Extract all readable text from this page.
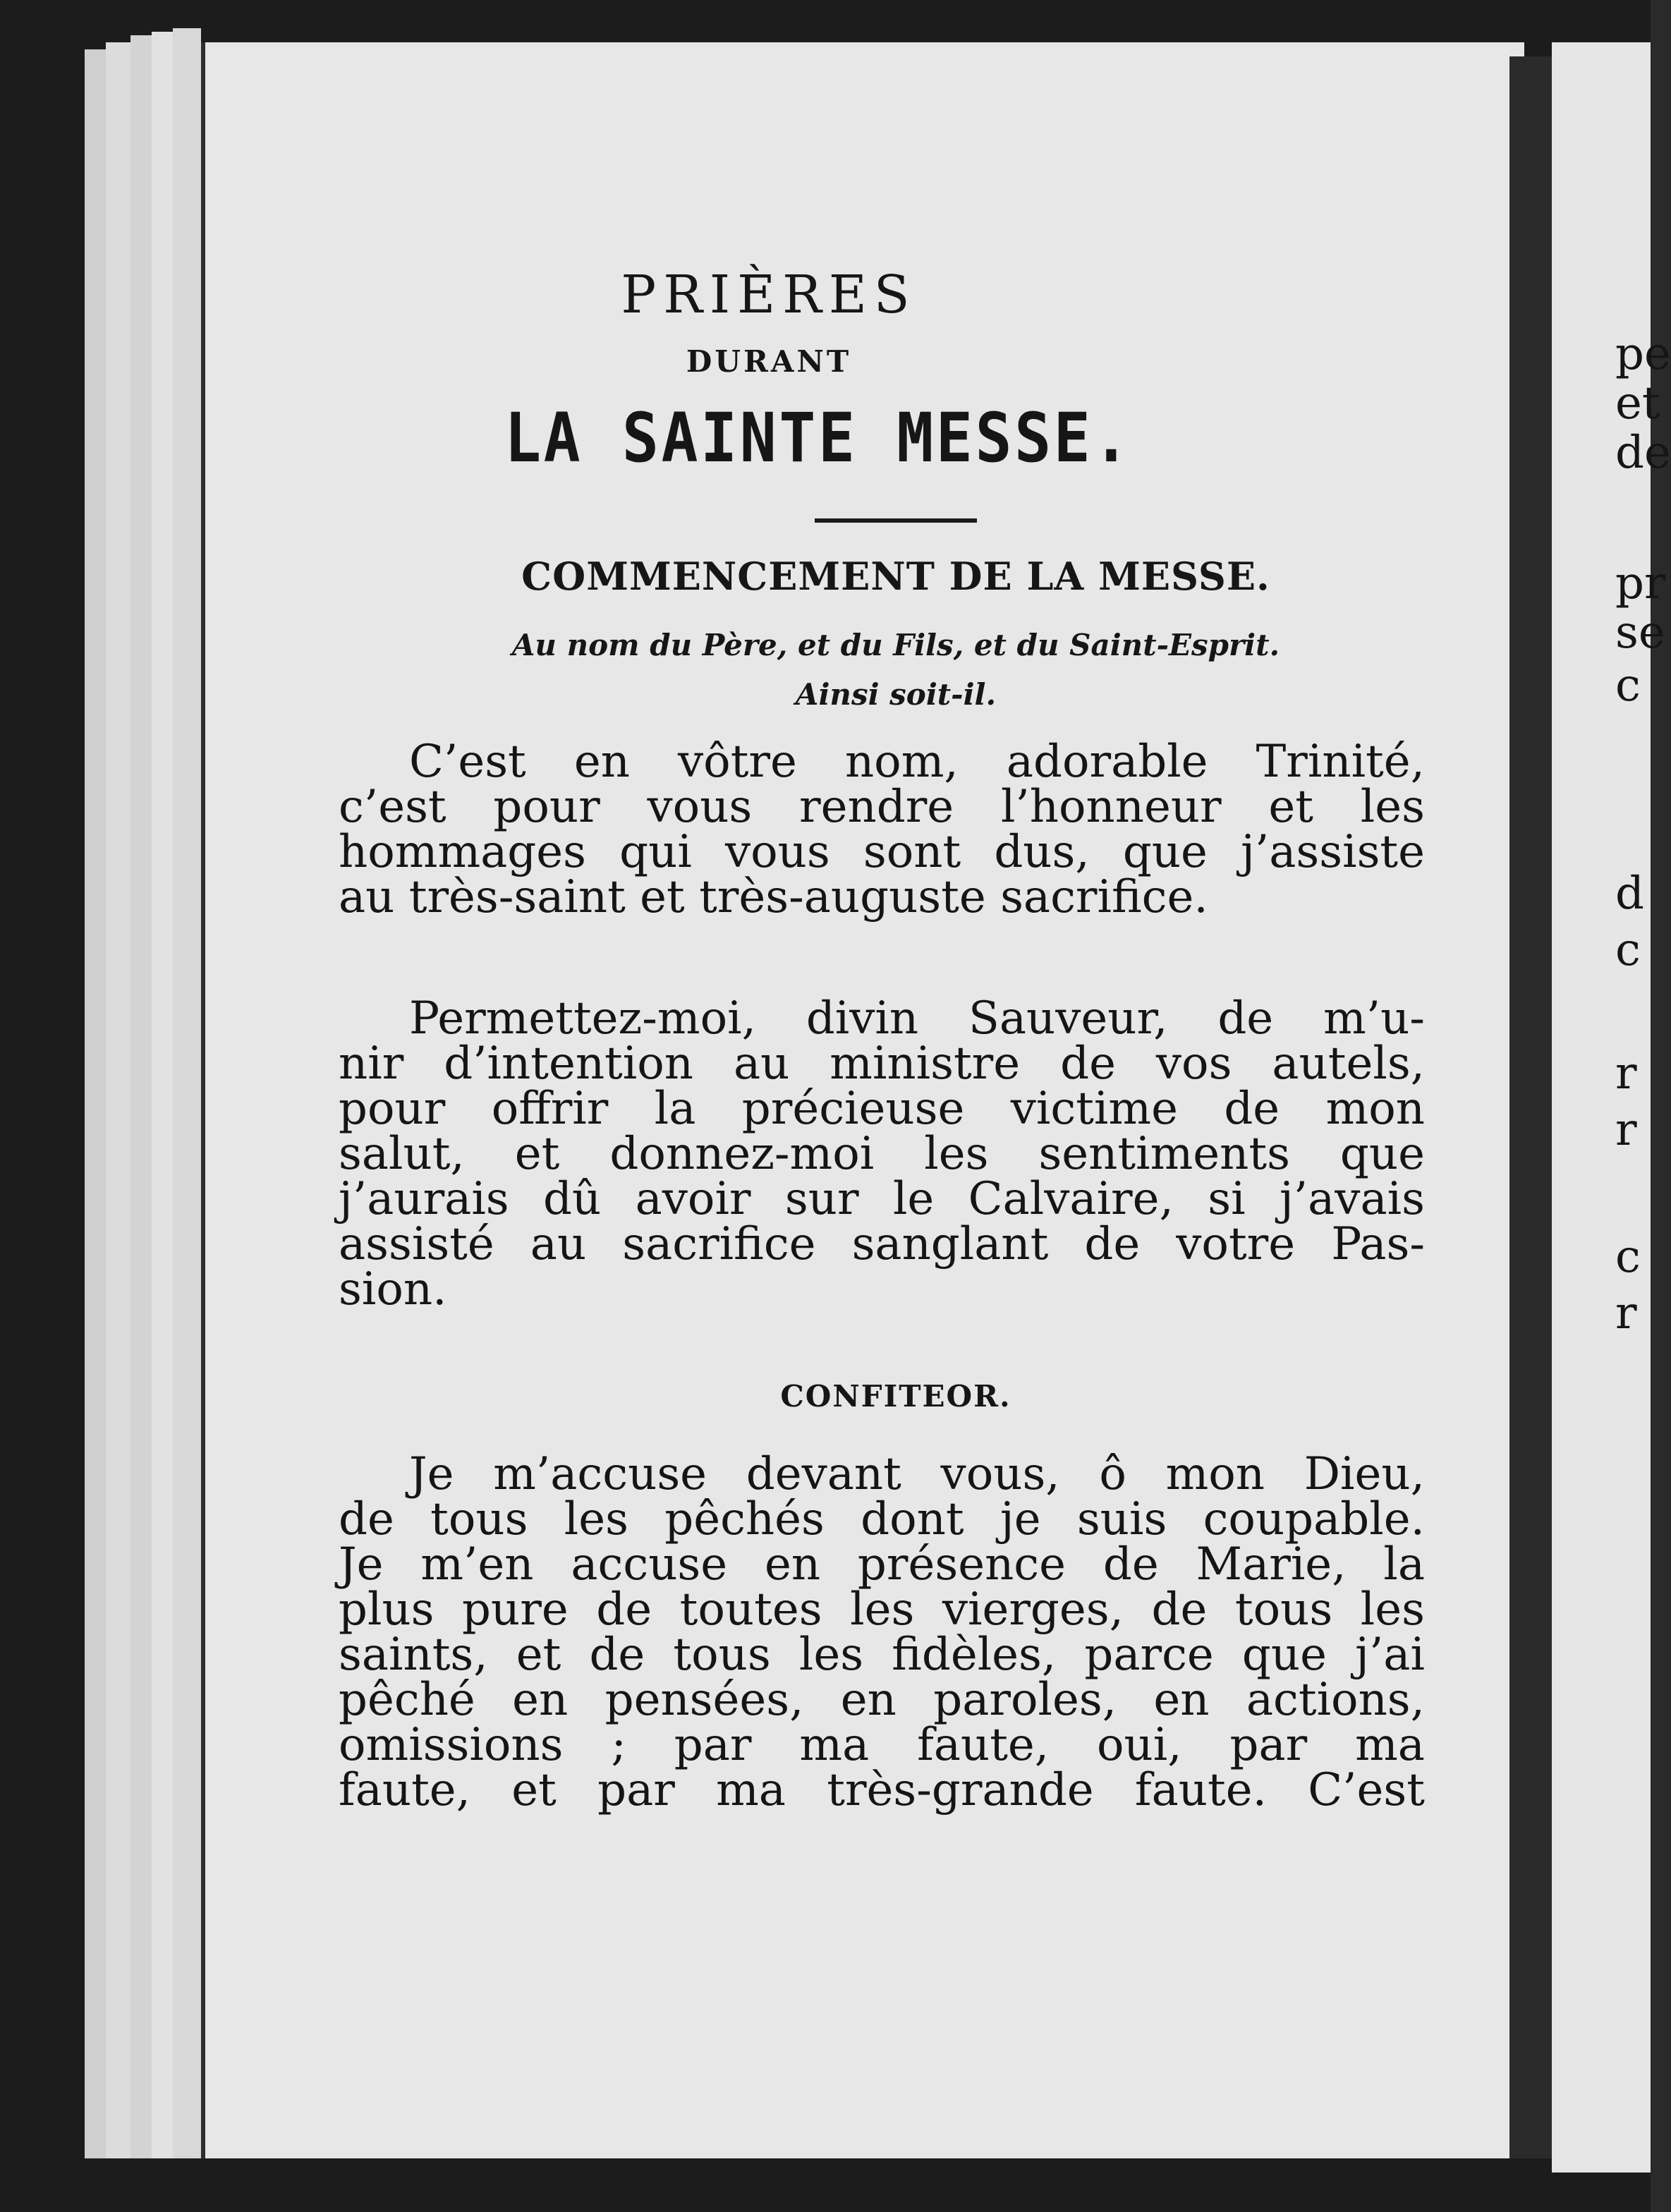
pe
et
de
pr
se
c
d
c
r
r
c
r
PRIÈRES
DURANT
LA SAINTE MESSE.
COMMENCEMENT DE LA MESSE.
Au nom du Père, et du Fils, et du Saint-Esprit.
Ainsi soit-il.
C’est en vôtre nom, adorable Trinité,
c’est pour vous rendre l’honneur et les
hommages qui vous sont dus, que j’assiste
au très-saint et très-auguste sacrifice.
Permettez-moi, divin Sauveur, de m’u-
nir d’intention au ministre de vos autels,
pour offrir la précieuse victime de mon
salut, et donnez-moi les sentiments que
j’aurais dû avoir sur le Calvaire, si j’avais
assisté au sacrifice sanglant de votre Pas-
sion.
CONFITEOR.
Je m’accuse devant vous, ô mon Dieu,
de tous les pêchés dont je suis coupable.
Je m’en accuse en présence de Marie, la
plus pure de toutes les vierges, de tous les
saints, et de tous les fidèles, parce que j’ai
pêché en pensées, en paroles, en actions,
omissions ; par ma faute, oui, par ma
faute, et par ma très-grande faute. C’est
